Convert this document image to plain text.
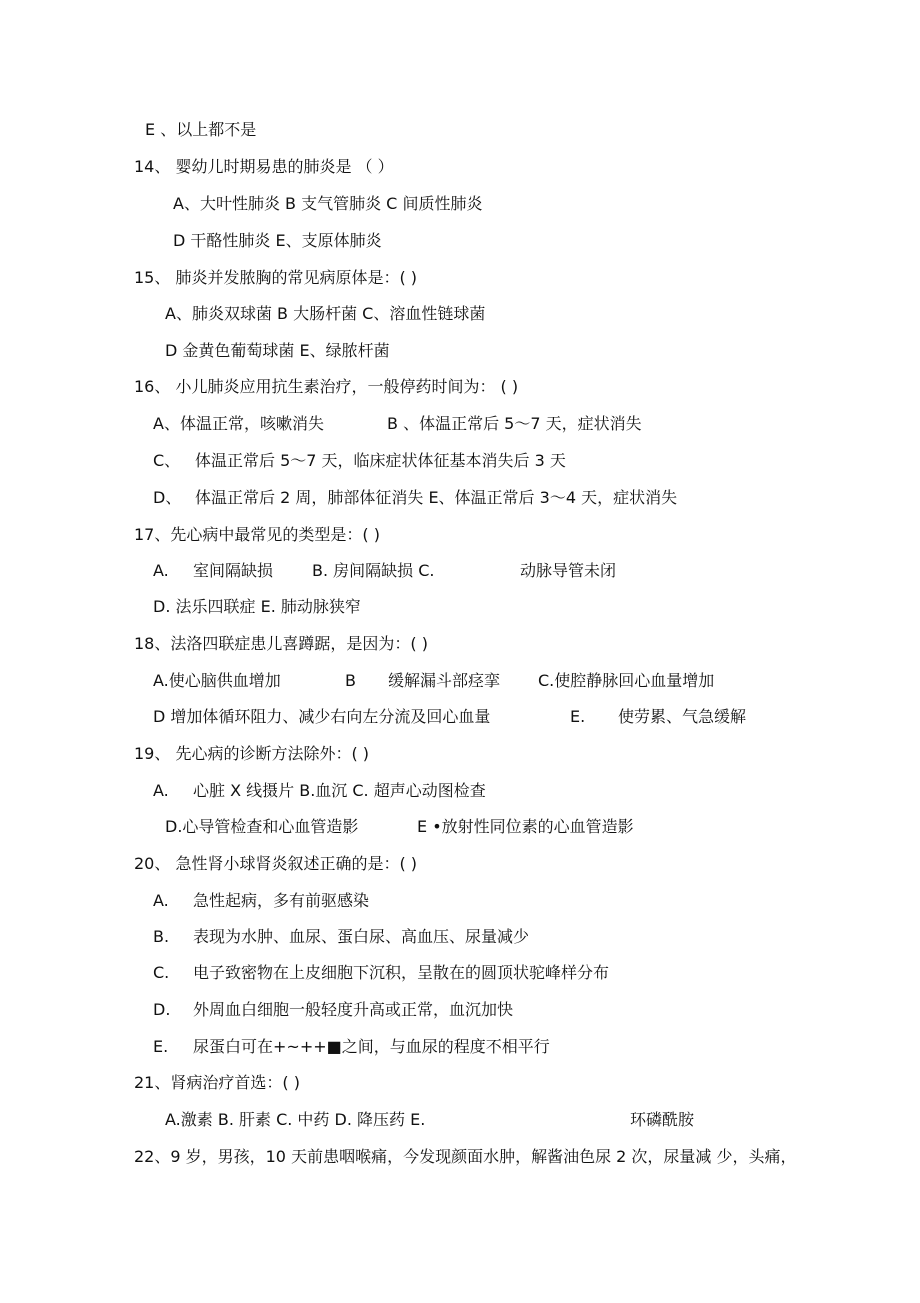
E 、以上都不是
14、 婴幼儿时期易患的肺炎是 （ ）
A、大叶性肺炎 B 支气管肺炎 C 间质性肺炎
D 干酪性肺炎 E、支原体肺炎
15、 肺炎并发脓胸的常见病原体是：( )
A、肺炎双球菌 B 大肠杆菌 C、溶血性链球菌
D 金黄色葡萄球菌 E、绿脓杆菌
16、 小儿肺炎应用抗生素治疗，一般停药时间为： ( )
A、体温正常，咳嗽消失	B 、体温正常后 5〜7 天，症状消失
C、 体温正常后 5〜7 天，临床症状体征基本消失后 3 天
D、 体温正常后 2 周，肺部体征消失 E、体温正常后 3〜4 天，症状消失
17、先心病中最常见的类型是：( )
A. 室间隔缺损 B. 房间隔缺损 C.	动脉导管未闭
D. 法乐四联症 E. 肺动脉狭窄
18、法洛四联症患儿喜蹲踞，是因为：( )
A.使心脑供血增加	B 缓解漏斗部痉挛 C.使腔静脉回心血量增加
D 增加体循环阻力、减少右向左分流及回心血量	E. 使劳累、气急缓解
19、 先心病的诊断方法除外：( )
A. 心脏 X 线摄片 B.血沉 C. 超声心动图检查
D.心导管检查和心血管造影	E •放射性同位素的心血管造影
20、 急性肾小球肾炎叙述正确的是：( )
A. 急性起病，多有前驱感染
B. 表现为水肿、血尿、蛋白尿、高血压、尿量减少
C. 电子致密物在上皮细胞下沉积，呈散在的圆顶状驼峰样分布
D. 外周血白细胞一般轻度升高或正常，血沉加快
E. 尿蛋白可在+~++■之间，与血尿的程度不相平行
21、肾病治疗首选：( )
A.激素 B. 肝素 C. 中药 D. 降压药 E.	环磷酰胺
22、9 岁，男孩，10 天前患咽喉痛，今发现颜面水肿，解酱油色尿 2 次，尿量减 少，头痛，
